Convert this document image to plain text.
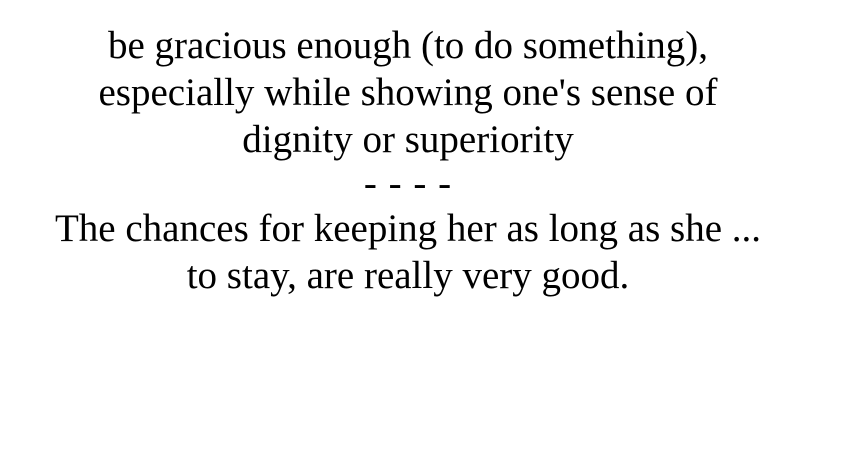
be gracious enough (to do something),
especially while showing one's sense of
dignity or superiority
- - - -
The chances for keeping her as long as she ...
to stay, are really very good.
